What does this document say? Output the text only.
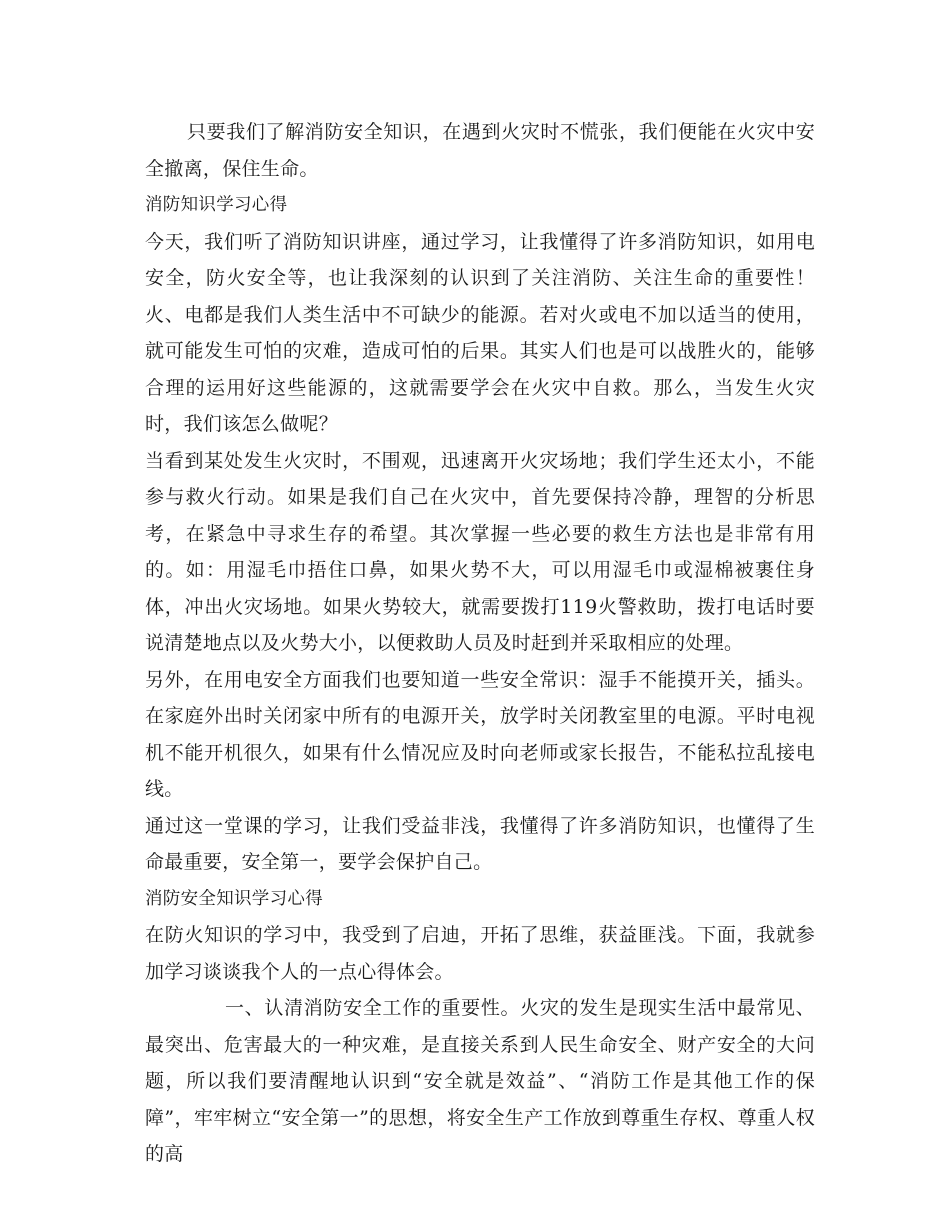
只要我们了解消防安全知识，在遇到火灾时不慌张，我们便能在火灾中安全撤离，保住生命。

消防知识学习心得

今天，我们听了消防知识讲座，通过学习，让我懂得了许多消防知识，如用电安全，防火安全等，也让我深刻的认识到了关注消防、关注生命的重要性！火、电都是我们人类生活中不可缺少的能源。若对火或电不加以适当的使用，就可能发生可怕的灾难，造成可怕的后果。其实人们也是可以战胜火的，能够合理的运用好这些能源的，这就需要学会在火灾中自救。那么，当发生火灾时，我们该怎么做呢？

当看到某处发生火灾时，不围观，迅速离开火灾场地；我们学生还太小，不能参与救火行动。如果是我们自己在火灾中，首先要保持冷静，理智的分析思考，在紧急中寻求生存的希望。其次掌握一些必要的救生方法也是非常有用的。如：用湿毛巾捂住口鼻，如果火势不大，可以用湿毛巾或湿棉被裹住身体，冲出火灾场地。如果火势较大，就需要拨打119火警救助，拨打电话时要说清楚地点以及火势大小，以便救助人员及时赶到并采取相应的处理。

另外，在用电安全方面我们也要知道一些安全常识：湿手不能摸开关，插头。在家庭外出时关闭家中所有的电源开关，放学时关闭教室里的电源。平时电视机不能开机很久，如果有什么情况应及时向老师或家长报告，不能私拉乱接电线。

通过这一堂课的学习，让我们受益非浅，我懂得了许多消防知识，也懂得了生命最重要，安全第一，要学会保护自己。

消防安全知识学习心得

在防火知识的学习中，我受到了启迪，开拓了思维，获益匪浅。下面，我就参加学习谈谈我个人的一点心得体会。

一、认清消防安全工作的重要性。火灾的发生是现实生活中最常见、最突出、危害最大的一种灾难，是直接关系到人民生命安全、财产安全的大问题，所以我们要清醒地认识到“安全就是效益”、“消防工作是其他工作的保障”，牢牢树立“安全第一”的思想，将安全生产工作放到尊重生存权、尊重人权的高
